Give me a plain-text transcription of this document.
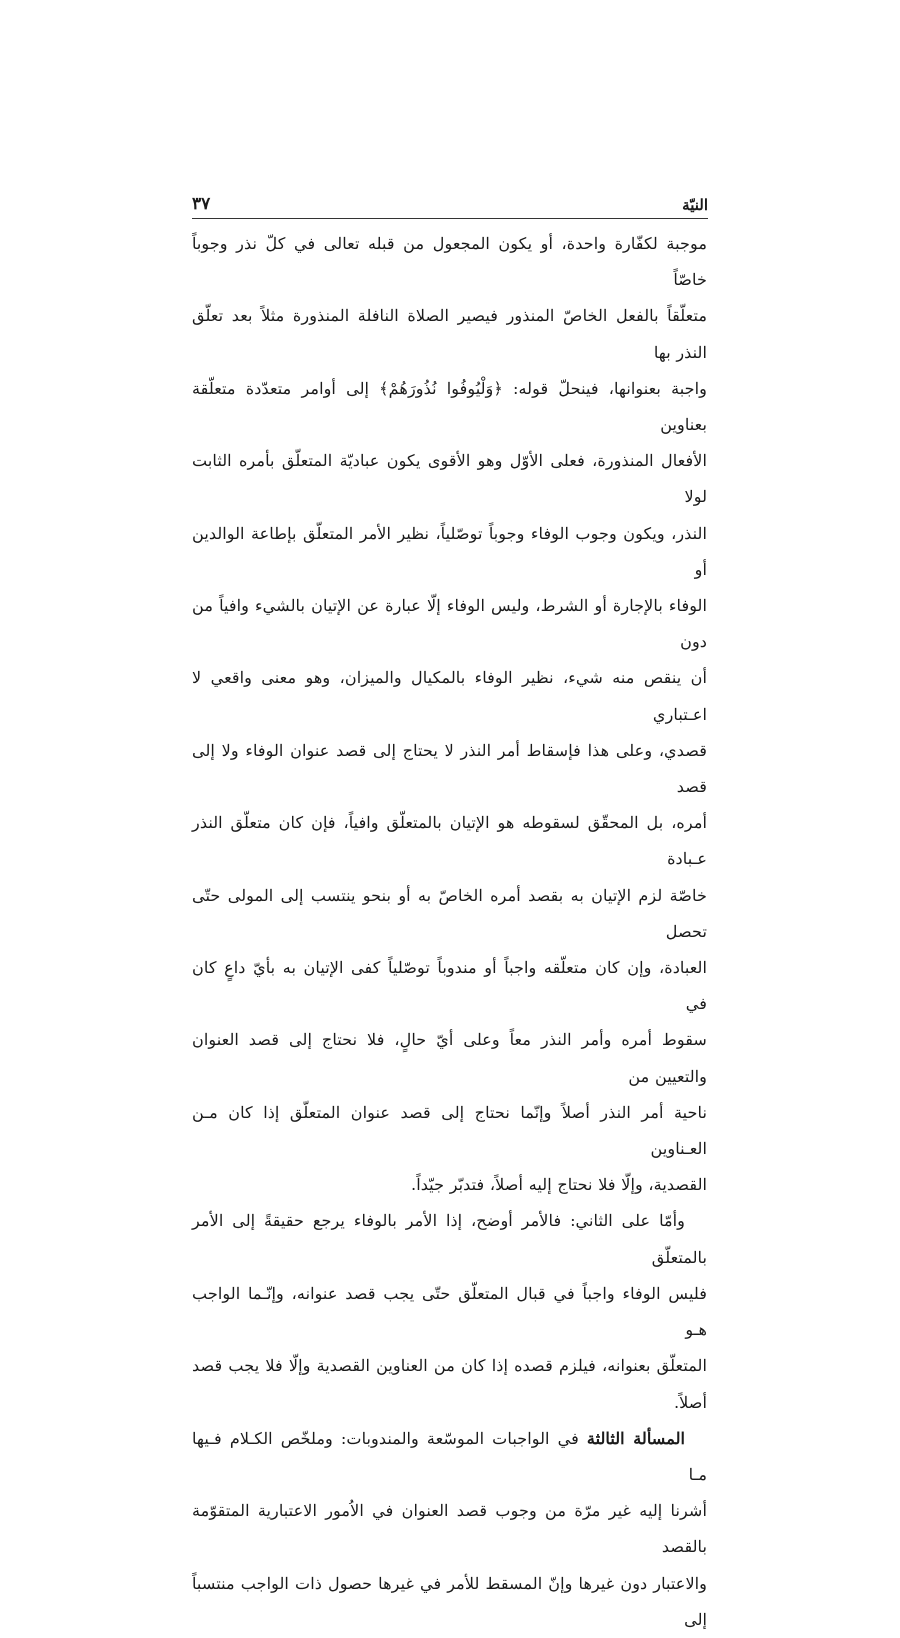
النيّة
٣٧

موجبة لكفّارة واحدة، أو يكون المجعول من قبله تعالى في كلّ نذر وجوباً خاصّاً

متعلّقاً بالفعل الخاصّ المنذور فيصير الصلاة النافلة المنذورة مثلاً بعد تعلّق النذر بها

واجبة بعنوانها، فينحلّ قوله: ﴿وَلْيُوفُوا نُذُورَهُمْ﴾ إلى أوامر متعدّدة متعلّقة بعناوين

الأفعال المنذورة، فعلى الأوّل وهو الأقوى يكون عباديّة المتعلّق بأمره الثابت لولا

النذر، ويكون وجوب الوفاء وجوباً توصّلياً، نظير الأمر المتعلّق بإطاعة الوالدين أو

الوفاء بالإجارة أو الشرط، وليس الوفاء إلّا عبارة عن الإتيان بالشيء وافياً من دون

أن ينقص منه شيء، نظير الوفاء بالمكيال والميزان، وهو معنى واقعي لا اعـتباري

قصدي، وعلى هذا فإسقاط أمر النذر لا يحتاج إلى قصد عنوان الوفاء ولا إلى قصد

أمره، بل المحقّق لسقوطه هو الإتيان بالمتعلّق وافياً، فإن كان متعلّق النذر عـبادة

خاصّة لزم الإتيان به بقصد أمره الخاصّ به أو بنحو ينتسب إلى المولى حتّى تحصل

العبادة، وإن كان متعلّقه واجباً أو مندوباً توصّلياً كفى الإتيان به بأيّ داعٍ كان في

سقوط أمره وأمر النذر معاً وعلى أيّ حالٍ، فلا نحتاج إلى قصد العنوان والتعيين من

ناحية أمر النذر أصلاً وإنّما نحتاج إلى قصد عنوان المتعلّق إذا كان مـن العـناوين

القصدية، وإلّا فلا نحتاج إليه أصلاً، فتدبّر جيّداً.

وأمّا على الثاني: فالأمر أوضح، إذا الأمر بالوفاء يرجع حقيقةً إلى الأمر بالمتعلّق

فليس الوفاء واجباً في قبال المتعلّق حتّى يجب قصد عنوانه، وإنّـما الواجب هـو

المتعلّق بعنوانه، فيلزم قصده إذا كان من العناوين القصدية وإلّا فلا يجب قصد أصلاً.

المسألة الثالثة في الواجبات الموسّعة والمندوبات: وملخّص الكـلام فـيها مـا

أشرنا إليه غير مرّة من وجوب قصد العنوان في الاُمور الاعتبارية المتقوّمة بالقصد

والاعتبار دون غيرها وإنّ المسقط للأمر في غيرها حصول ذات الواجب منتسباً إلى
